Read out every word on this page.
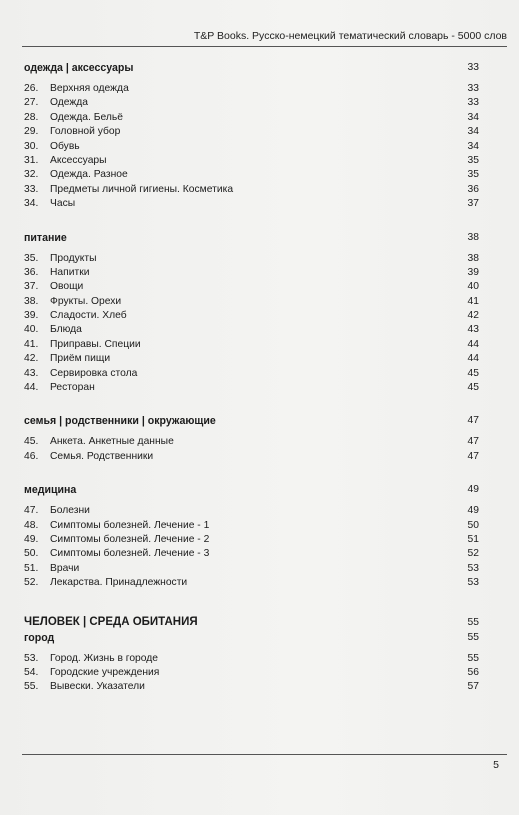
T&P Books. Русско-немецкий тематический словарь - 5000 слов
одежда | аксессуары	33
26.	Верхняя одежда	33
27.	Одежда	33
28.	Одежда. Бельё	34
29.	Головной убор	34
30.	Обувь	34
31.	Аксессуары	35
32.	Одежда. Разное	35
33.	Предметы личной гигиены. Косметика	36
34.	Часы	37
питание	38
35.	Продукты	38
36.	Напитки	39
37.	Овощи	40
38.	Фрукты. Орехи	41
39.	Сладости. Хлеб	42
40.	Блюда	43
41.	Приправы. Специи	44
42.	Приём пищи	44
43.	Сервировка стола	45
44.	Ресторан	45
семья | родственники | окружающие	47
45.	Анкета. Анкетные данные	47
46.	Семья. Родственники	47
медицина	49
47.	Болезни	49
48.	Симптомы болезней. Лечение - 1	50
49.	Симптомы болезней. Лечение - 2	51
50.	Симптомы болезней. Лечение - 3	52
51.	Врачи	53
52.	Лекарства. Принадлежности	53
ЧЕЛОВЕК | СРЕДА ОБИТАНИЯ	55
город	55
53.	Город. Жизнь в городе	55
54.	Городские учреждения	56
55.	Вывески. Указатели	57
5
